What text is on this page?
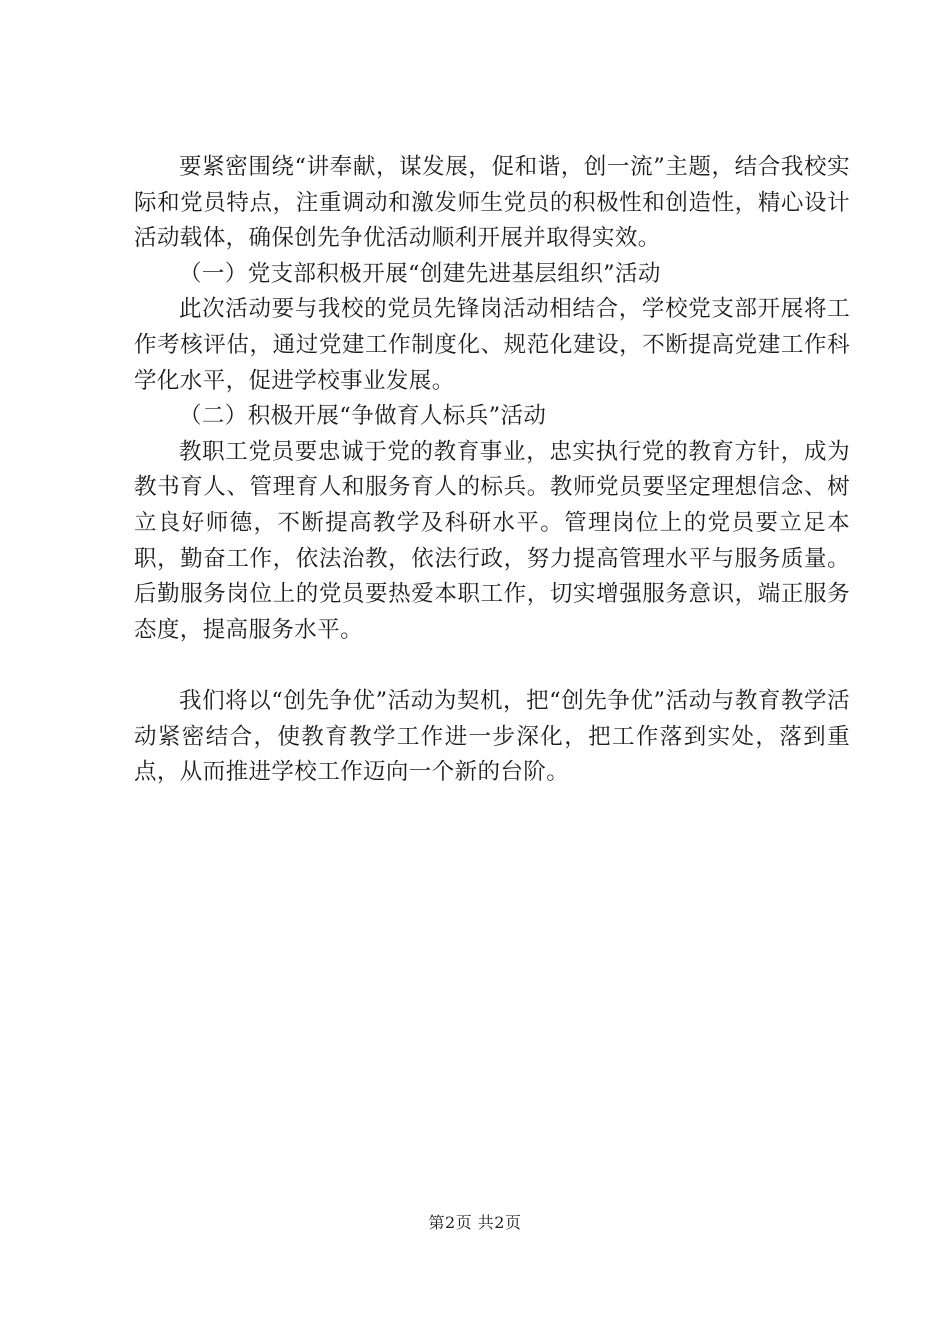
要紧密围绕“讲奉献，谋发展，促和谐，创一流”主题，结合我校实际和党员特点，注重调动和激发师生党员的积极性和创造性，精心设计活动载体，确保创先争优活动顺利开展并取得实效。

（一）党支部积极开展“创建先进基层组织”活动

此次活动要与我校的党员先锋岗活动相结合，学校党支部开展将工作考核评估，通过党建工作制度化、规范化建设，不断提高党建工作科学化水平，促进学校事业发展。

（二）积极开展“争做育人标兵”活动

教职工党员要忠诚于党的教育事业，忠实执行党的教育方针，成为教书育人、管理育人和服务育人的标兵。教师党员要坚定理想信念、树立良好师德，不断提高教学及科研水平。管理岗位上的党员要立足本职，勤奋工作，依法治教，依法行政，努力提高管理水平与服务质量。后勤服务岗位上的党员要热爱本职工作，切实增强服务意识，端正服务态度，提高服务水平。

我们将以“创先争优”活动为契机，把“创先争优”活动与教育教学活动紧密结合，使教育教学工作进一步深化，把工作落到实处，落到重点，从而推进学校工作迈向一个新的台阶。

第2页 共2页
